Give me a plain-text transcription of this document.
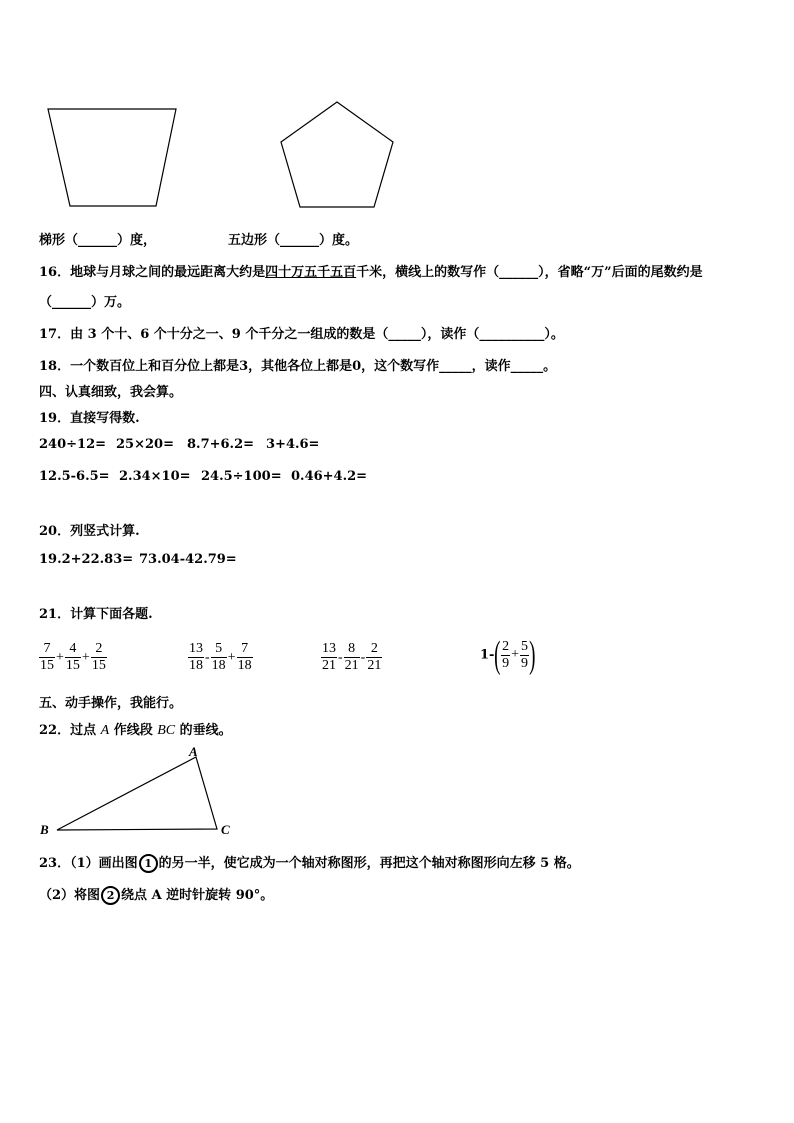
梯形（______）度，	五边形（______）度。
16．地球与月球之间的最远距离大约是四十万五千五百千米，横线上的数写作（______），省略“万”后面的尾数约是
（______）万。
17．由 3 个十、6 个十分之一、9 个千分之一组成的数是（_____），读作（__________）。
18．一个数百位上和百分位上都是3，其他各位上都是0，这个数写作_____，读作_____。
四、认真细致，我会算。
19．直接写得数.
240÷12= 25×20= 8.7+6.2= 3+4.6=
12.5-6.5= 2.34×10= 24.5÷100= 0.46+4.2=
20．列竖式计算.
19.2+22.83= 73.04-42.79=
21．计算下面各题.
$\frac{7}{15} + \frac{4}{15} + \frac{2}{15}$	$\frac{13}{18} - \frac{5}{18} + \frac{7}{18}$	$\frac{13}{21} - \frac{8}{21} - \frac{2}{21}$	$1-( \frac{2}{9} + \frac{5}{9}$ )
五、动手操作，我能行。
22．过点 A 作线段 BC 的垂线。
A
B	C
23．（1）画出图 1 的另一半，使它成为一个轴对称图形，再把这个轴对称图形向左移 5 格。
（2）将图 2 绕点 A 逆时针旋转 90°。
